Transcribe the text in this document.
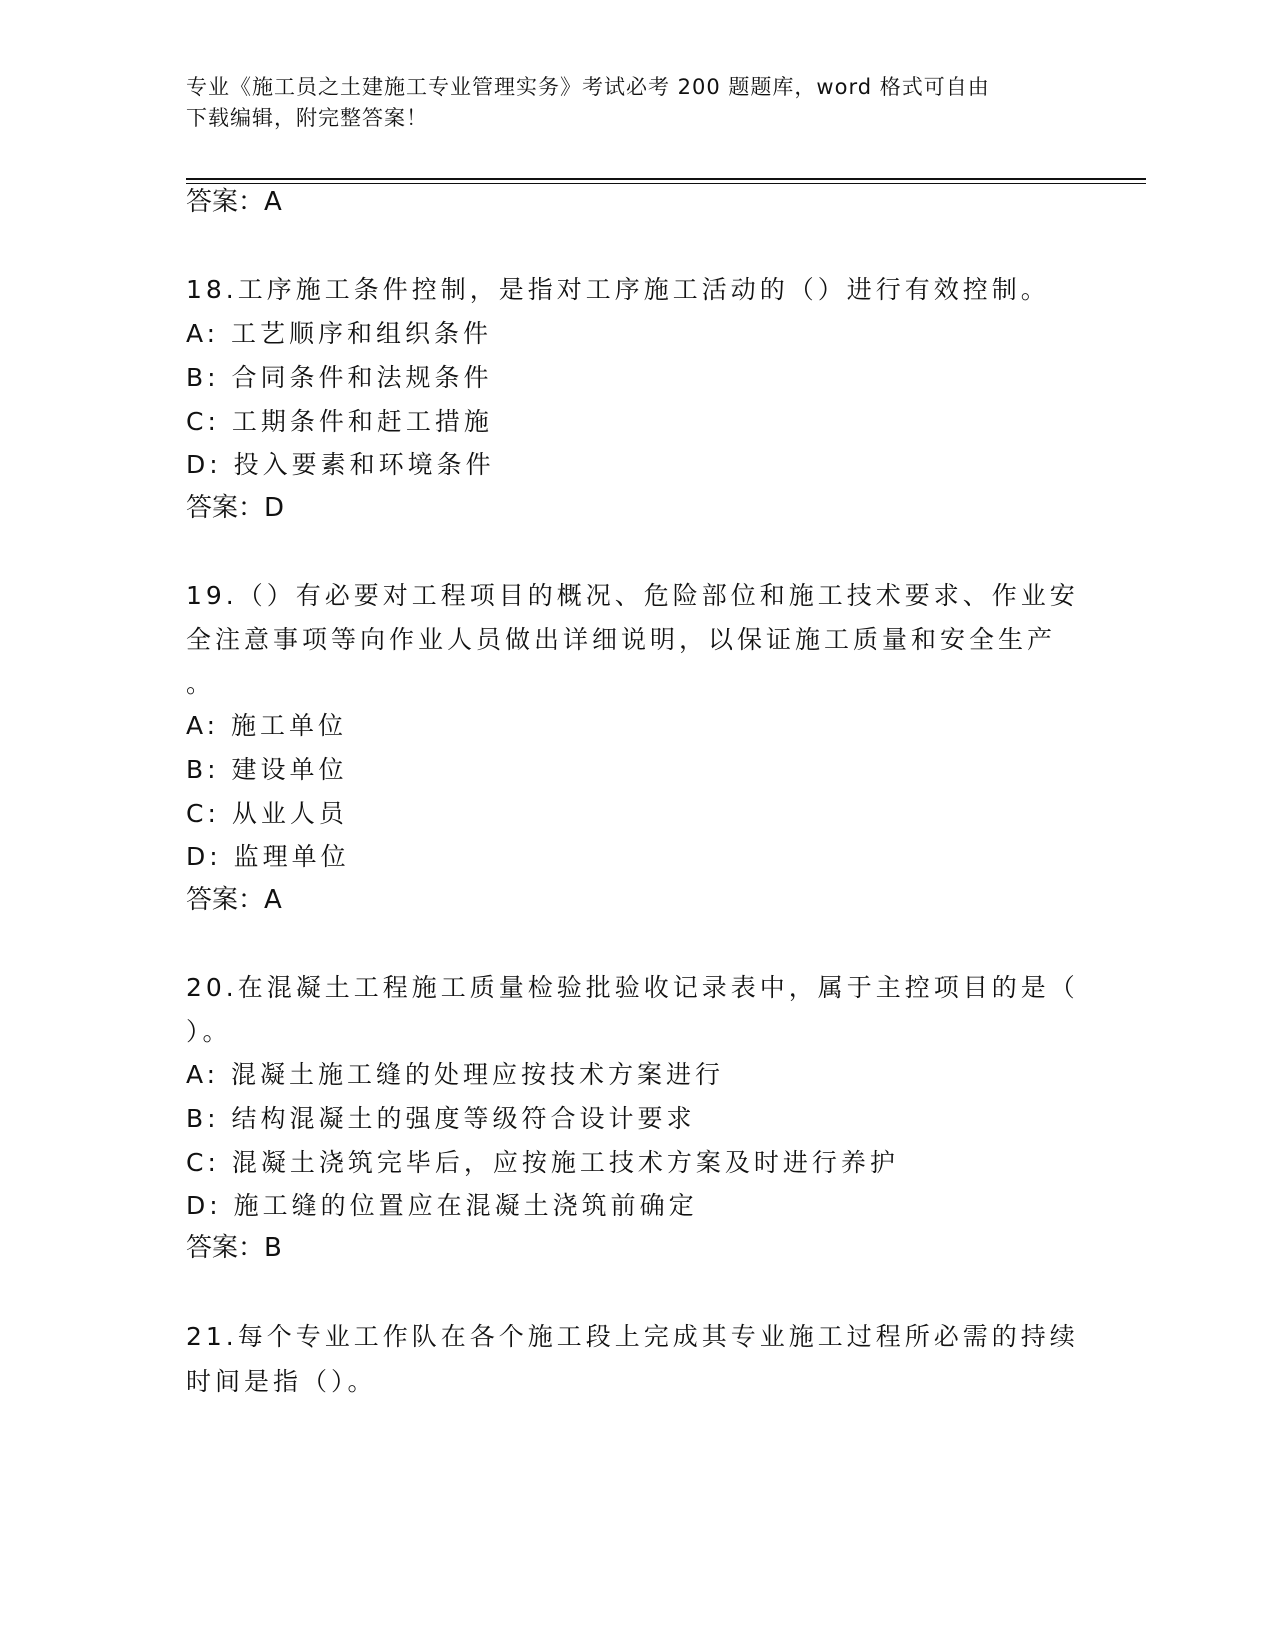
专业《施工员之土建施工专业管理实务》考试必考 200 题题库，word 格式可自由
下载编辑，附完整答案！
答案：A
18.工序施工条件控制，是指对工序施工活动的（）进行有效控制。
A: 工艺顺序和组织条件
B: 合同条件和法规条件
C: 工期条件和赶工措施
D: 投入要素和环境条件
答案：D
19.（）有必要对工程项目的概况、危险部位和施工技术要求、作业安
全注意事项等向作业人员做出详细说明，以保证施工质量和安全生产
。
A: 施工单位
B: 建设单位
C: 从业人员
D: 监理单位
答案：A
20.在混凝土工程施工质量检验批验收记录表中，属于主控项目的是（
）。
A: 混凝土施工缝的处理应按技术方案进行
B: 结构混凝土的强度等级符合设计要求
C: 混凝土浇筑完毕后，应按施工技术方案及时进行养护
D: 施工缝的位置应在混凝土浇筑前确定
答案：B
21.每个专业工作队在各个施工段上完成其专业施工过程所必需的持续
时间是指（）。
